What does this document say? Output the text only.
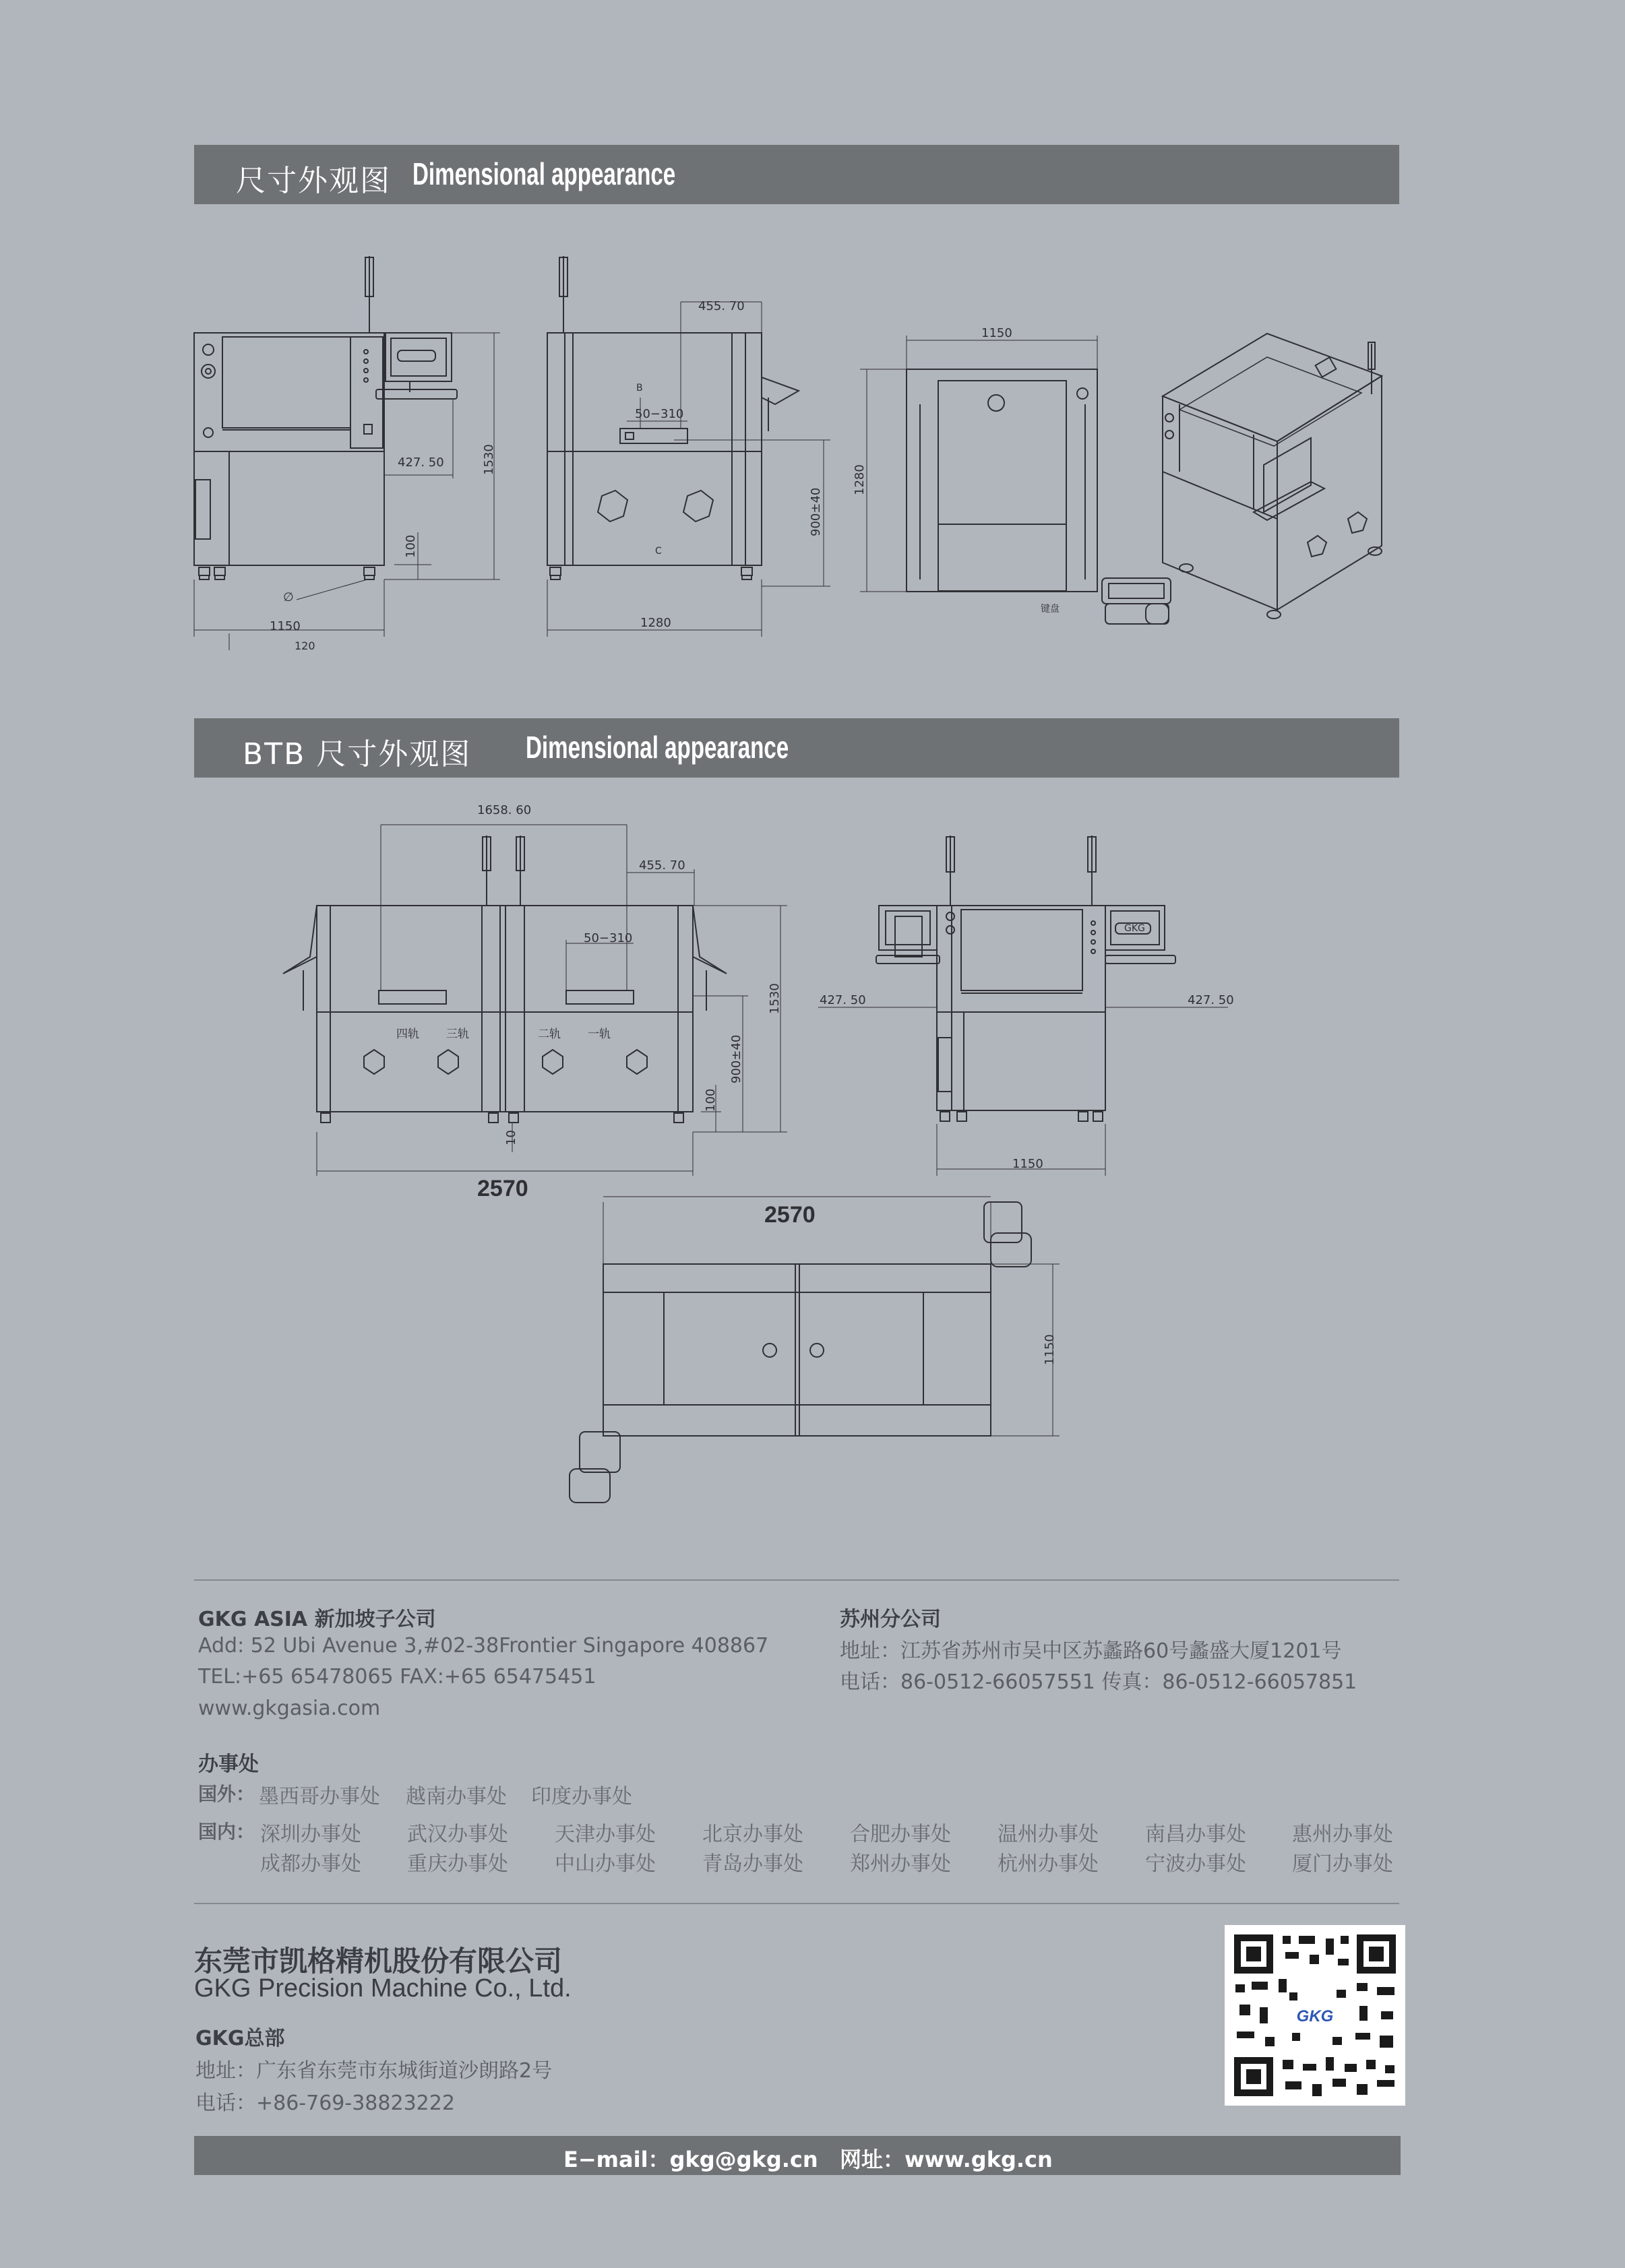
尺寸外观图 Dimensional appearance
1150
120
427. 50
100
1530
∅
键盘
455. 70
50−310
B
C
1280
900±40
1150
1280
BTB 尺寸外观图 Dimensional appearance
1658. 60
455. 70
50−310
1530
900±40
100
10
四轨 三轨	二轨 一轨
2570
427. 50	427. 50
1150
GKG
2570
1150
GKG ASIA 新加坡子公司
Add: 52 Ubi Avenue 3,#02-38Frontier Singapore 408867
TEL:+65 65478065 FAX:+65 65475451
www.gkgasia.com
苏州分公司
地址：江苏省苏州市吴中区苏蠡路60号蠡盛大厦1201号
电话：86-0512-66057551 传真：86-0512-66057851
办事处
国外： 墨西哥办事处 越南办事处 印度办事处
国内： 深圳办事处 武汉办事处 天津办事处 北京办事处 合肥办事处 温州办事处 南昌办事处 惠州办事处
成都办事处 重庆办事处 中山办事处 青岛办事处 郑州办事处 杭州办事处 宁波办事处 厦门办事处
东莞市凯格精机股份有限公司
GKG Precision Machine Co., Ltd.
GKG总部
地址：广东省东莞市东城街道沙朗路2号
电话：+86-769-38823222
GKG
E−mail：gkg@gkg.cn 网址：www.gkg.cn
